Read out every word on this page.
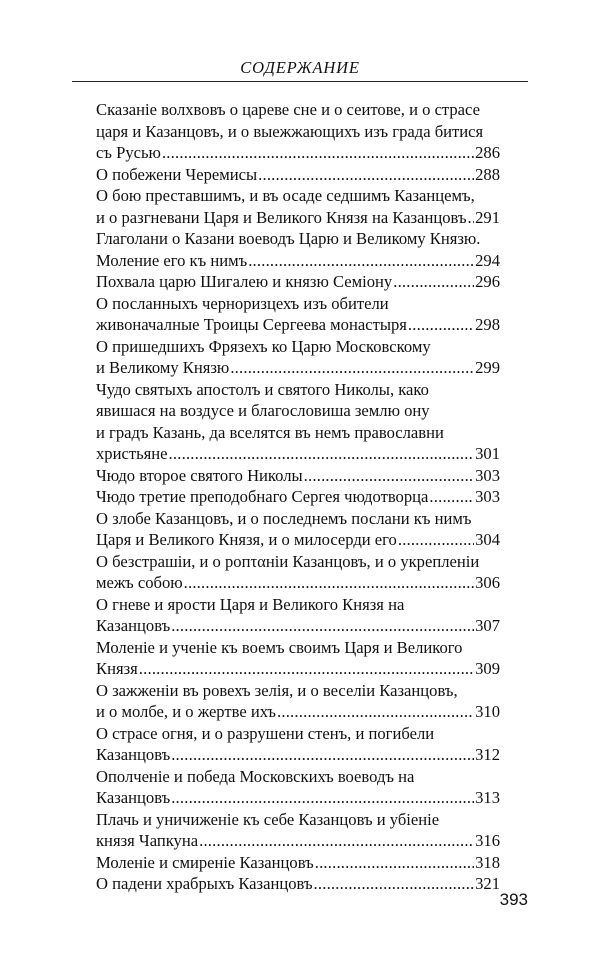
СОДЕРЖАНИЕ
Сказаніе волхвовъ о цареве сне и о сеитове, и о страсе
царя и Казанцовъ, и о выежжающихъ изъ града битися
съ Русью .....	286
О побежени Черемисы .....	288
О бою преставшимъ, и въ осаде седшимъ Казанцемъ,
и о разгневани Царя и Великого Князя на Казанцовъ ..... 291
Глаголани о Казани воеводъ Царю и Великому Князю.
Молениe его къ нимъ .....	294
Похвала царю Шигалею и князю Семіону .....	296
О посланныхъ черноризцехъ изъ обители
живоначалные Троицы Сергеева монастыря .....	298
О пришедшихъ Фрязехъ ко Царю Московскому
и Великому Князю .....	299
Чудо святыхъ апостолъ и святого Николы, како
явишася на воздусе и благословиша землю ону
и градъ Казань, да вселятся въ немъ православни
христьяне .....	301
Чюдо второе святого Николы .....	303
Чюдо третие преподобнаго Сергея чюдотворца .....	303
О злобе Казанцовъ, и о последнемъ послани къ нимъ
Царя и Великого Князя, и о милосерди его .....	304
О безстрашіи, и о ропταніи Казанцовъ, и о укрепленіи
межъ собою .....	306
О гневе и ярости Царя и Великого Князя на
Казанцовъ .....	307
Моленіе и ученіе къ воемъ своимъ Царя и Великого
Князя .....	309
О зажженіи въ ровехъ зелія, и о веселіи Казанцовъ,
и о молбе, и о жертве ихъ .....	310
О страсе огня, и о разрушени стенъ, и погибели
Казанцовъ .....	312
Ополченіе и победа Московскихъ воеводъ на
Казанцовъ .....	313
Плачь и уничиженіе къ себе Казанцовъ и убіеніе
князя Чапкуна .....	316
Моленіе и смиреніе Казанцовъ .....	318
О падени храбрыхъ Казанцовъ .....	321
393
